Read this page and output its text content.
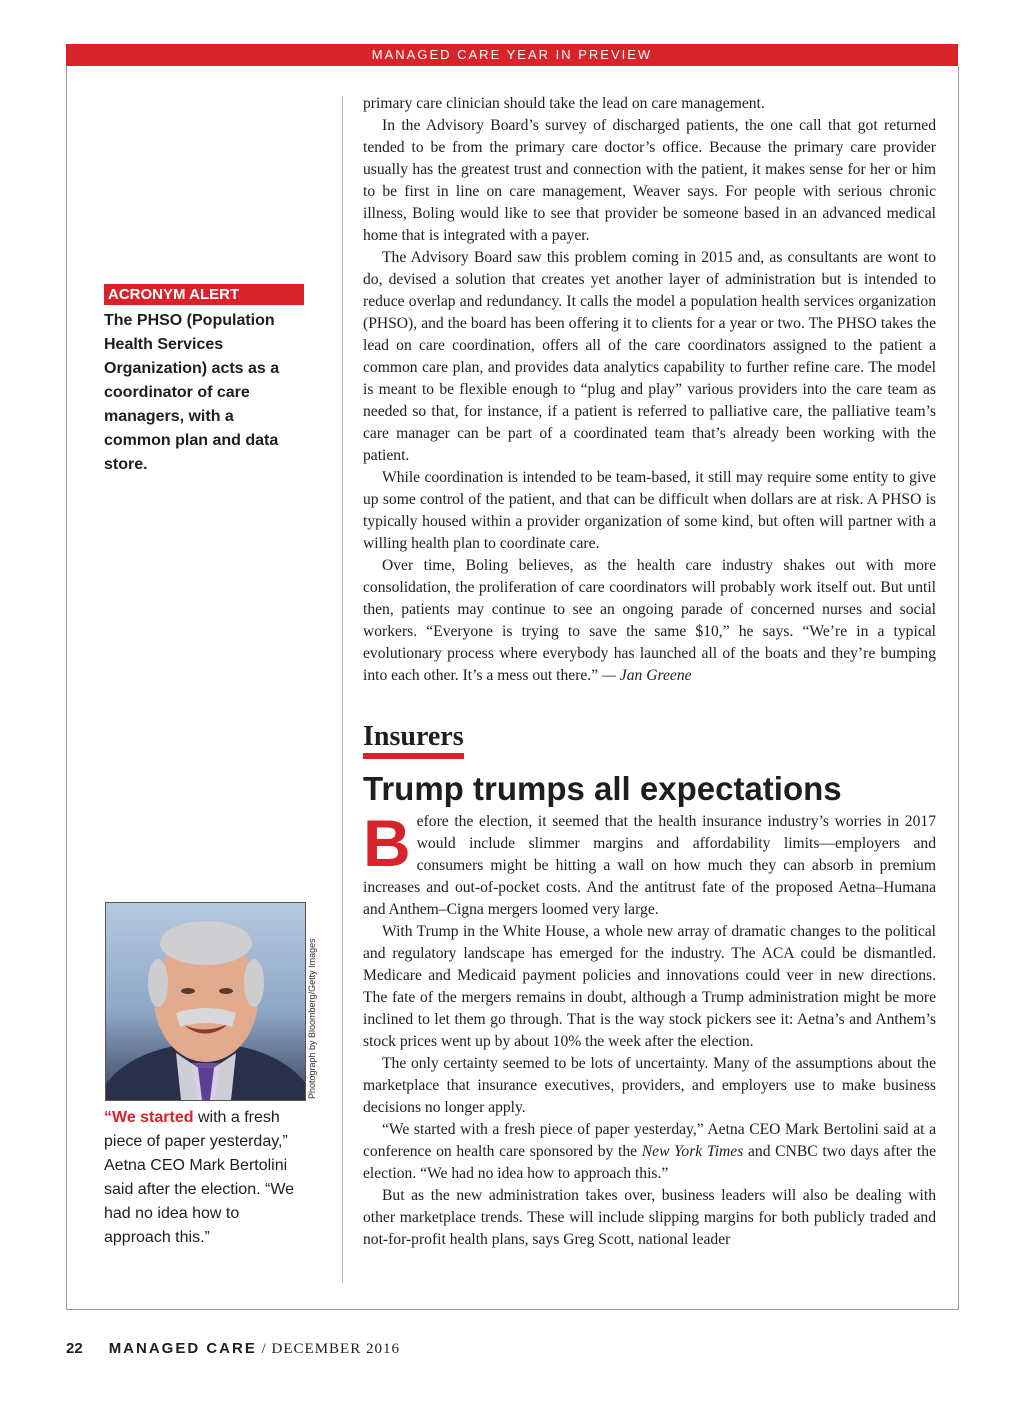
MANAGED CARE YEAR IN PREVIEW
ACRONYM ALERT
The PHSO (Population Health Services Organization) acts as a coordinator of care managers, with a common plan and data store.
Photograph by Bloomberg/Getty Images
“We started with a fresh piece of paper yesterday,” Aetna CEO Mark Bertolini said after the election. “We had no idea how to approach this.”

primary care clinician should take the lead on care management.

In the Advisory Board’s survey of discharged patients, the one call that got returned tended to be from the primary care doctor’s office. Because the primary care provider usually has the greatest trust and connection with the patient, it makes sense for her or him to be first in line on care management, Weaver says. For people with serious chronic illness, Boling would like to see that provider be someone based in an advanced medical home that is integrated with a payer.

The Advisory Board saw this problem coming in 2015 and, as consultants are wont to do, devised a solution that creates yet another layer of administration but is intended to reduce overlap and redundancy. It calls the model a population health services organization (PHSO), and the board has been offering it to clients for a year or two. The PHSO takes the lead on care coordination, offers all of the care coordinators assigned to the patient a common care plan, and provides data analytics capability to further refine care. The model is meant to be flexible enough to “plug and play” various providers into the care team as needed so that, for instance, if a patient is referred to palliative care, the palliative team’s care manager can be part of a coordinated team that’s already been working with the patient.

While coordination is intended to be team-based, it still may require some entity to give up some control of the patient, and that can be difficult when dollars are at risk. A PHSO is typically housed within a provider organization of some kind, but often will partner with a willing health plan to coordinate care.

Over time, Boling believes, as the health care industry shakes out with more consolidation, the proliferation of care coordinators will probably work itself out. But until then, patients may continue to see an ongoing parade of concerned nurses and social workers. “Everyone is trying to save the same $10,” he says. “We’re in a typical evolutionary process where everybody has launched all of the boats and they’re bumping into each other. It’s a mess out there.” — Jan Greene

Insurers
Trump trumps all expectations

Before the election, it seemed that the health insurance industry’s worries in 2017 would include slimmer margins and affordability limits—employers and consumers might be hitting a wall on how much they can absorb in premium increases and out-of-pocket costs. And the antitrust fate of the proposed Aetna–Humana and Anthem–Cigna mergers loomed very large.

With Trump in the White House, a whole new array of dramatic changes to the political and regulatory landscape has emerged for the industry. The ACA could be dismantled. Medicare and Medicaid payment policies and innovations could veer in new directions. The fate of the mergers remains in doubt, although a Trump administration might be more inclined to let them go through. That is the way stock pickers see it: Aetna’s and Anthem’s stock prices went up by about 10% the week after the election.

The only certainty seemed to be lots of uncertainty. Many of the assumptions about the marketplace that insurance executives, providers, and employers use to make business decisions no longer apply.

“We started with a fresh piece of paper yesterday,” Aetna CEO Mark Bertolini said at a conference on health care sponsored by the New York Times and CNBC two days after the election. “We had no idea how to approach this.”

But as the new administration takes over, business leaders will also be dealing with other marketplace trends. These will include slipping margins for both publicly traded and not-for-profit health plans, says Greg Scott, national leader

22 MANAGED CARE / DECEMBER 2016
